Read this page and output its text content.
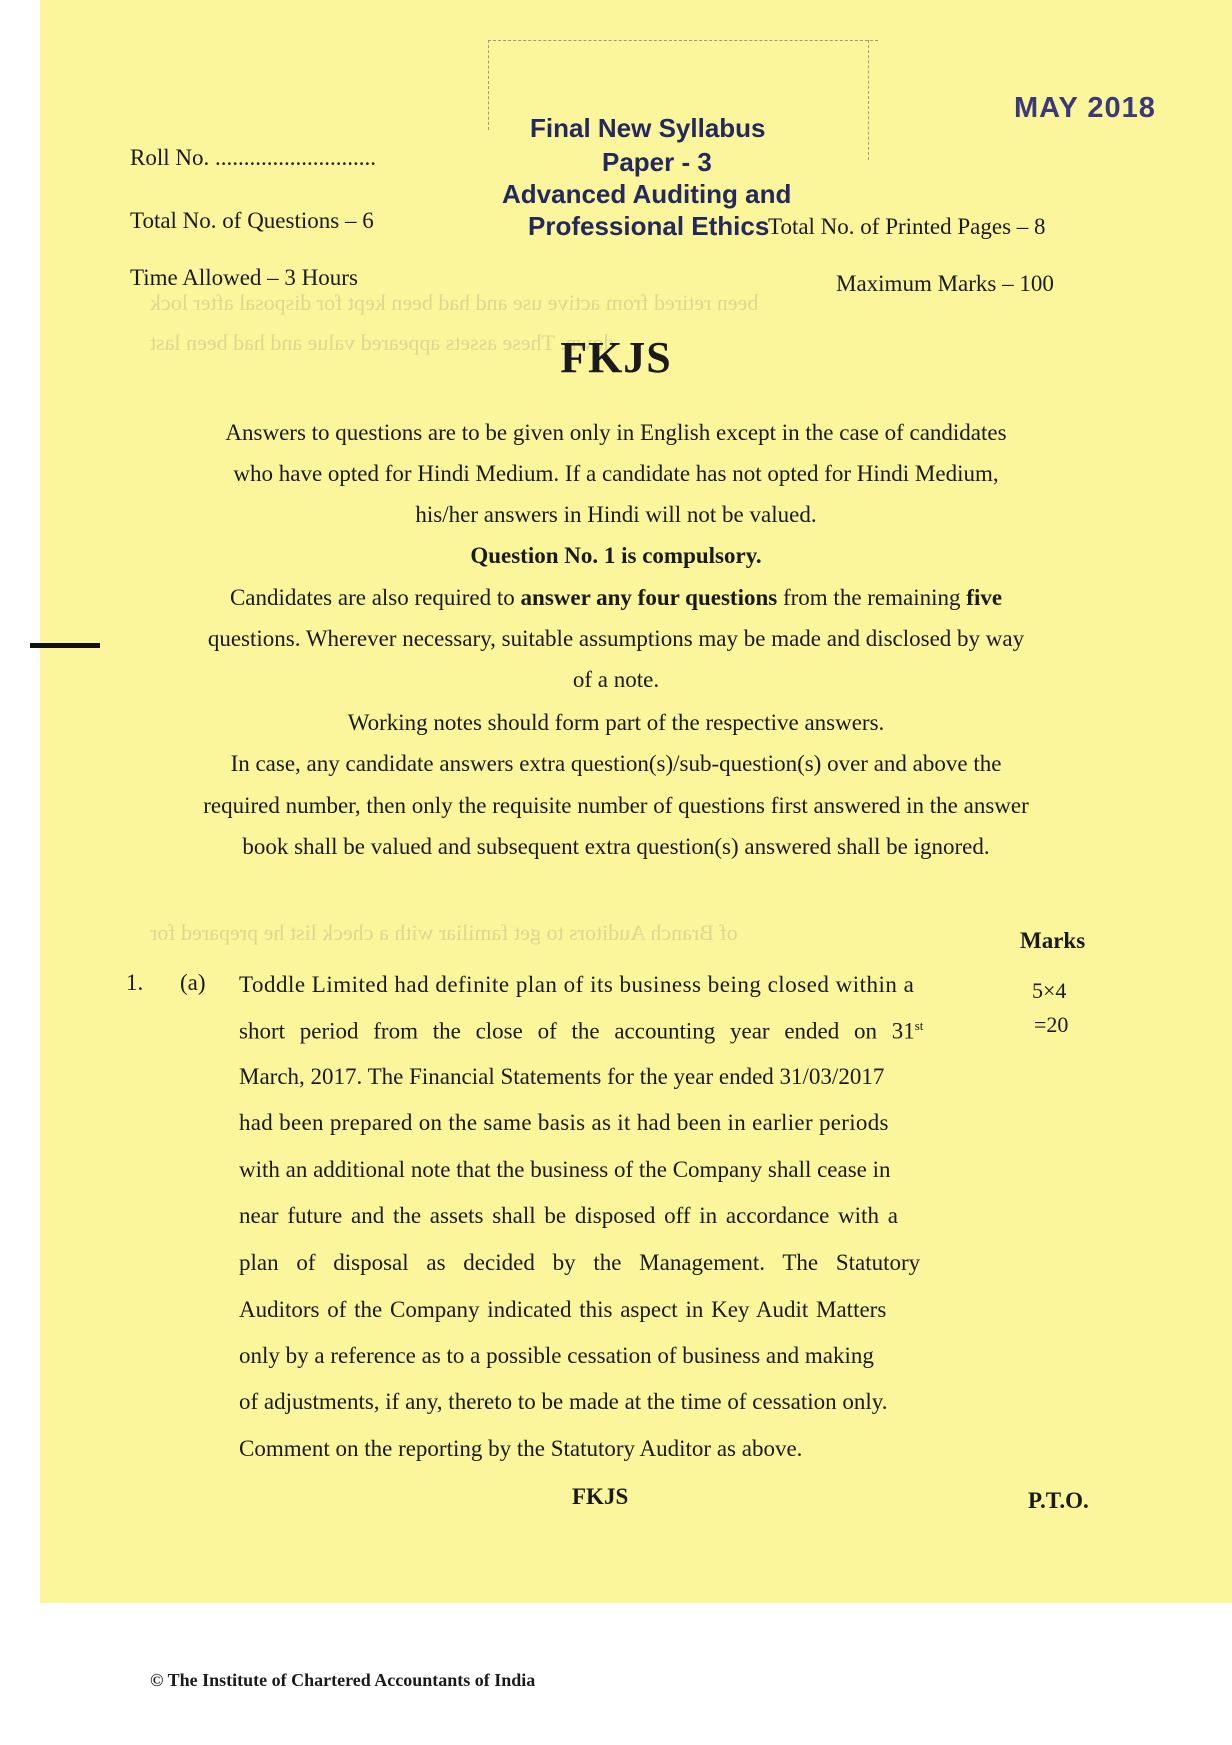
been retired from active use and had been kept for disposal after lock
down. These assets appeared value and had been last
of Branch Auditors to get familiar with a check list he prepared for
MAY 2018
Final New Syllabus
Paper - 3
Advanced Auditing and
Professional Ethics
Roll No. ............................
Total No. of Questions – 6	Total No. of Printed Pages – 8
Time Allowed – 3 Hours	Maximum Marks – 100
FKJS
Answers to questions are to be given only in English except in the case of candidates
who have opted for Hindi Medium. If a candidate has not opted for Hindi Medium,
his/her answers in Hindi will not be valued.
Question No. 1 is compulsory.
Candidates are also required to answer any four questions from the remaining five
questions. Wherever necessary, suitable assumptions may be made and disclosed by way
of a note.
Working notes should form part of the respective answers.
In case, any candidate answers extra question(s)/sub-question(s) over and above the
required number, then only the requisite number of questions first answered in the answer
book shall be valued and subsequent extra question(s) answered shall be ignored.
Marks
1. (a)	5×4
=20
Toddle Limited had definite plan of its business being closed within a
short period from the close of the accounting year ended on 31st
March, 2017. The Financial Statements for the year ended 31/03/2017
had been prepared on the same basis as it had been in earlier periods
with an additional note that the business of the Company shall cease in
near future and the assets shall be disposed off in accordance with a
plan of disposal as decided by the Management. The Statutory
Auditors of the Company indicated this aspect in Key Audit Matters
only by a reference as to a possible cessation of business and making
of adjustments, if any, thereto to be made at the time of cessation only.
Comment on the reporting by the Statutory Auditor as above.
FKJS	P.T.O.
© The Institute of Chartered Accountants of India
